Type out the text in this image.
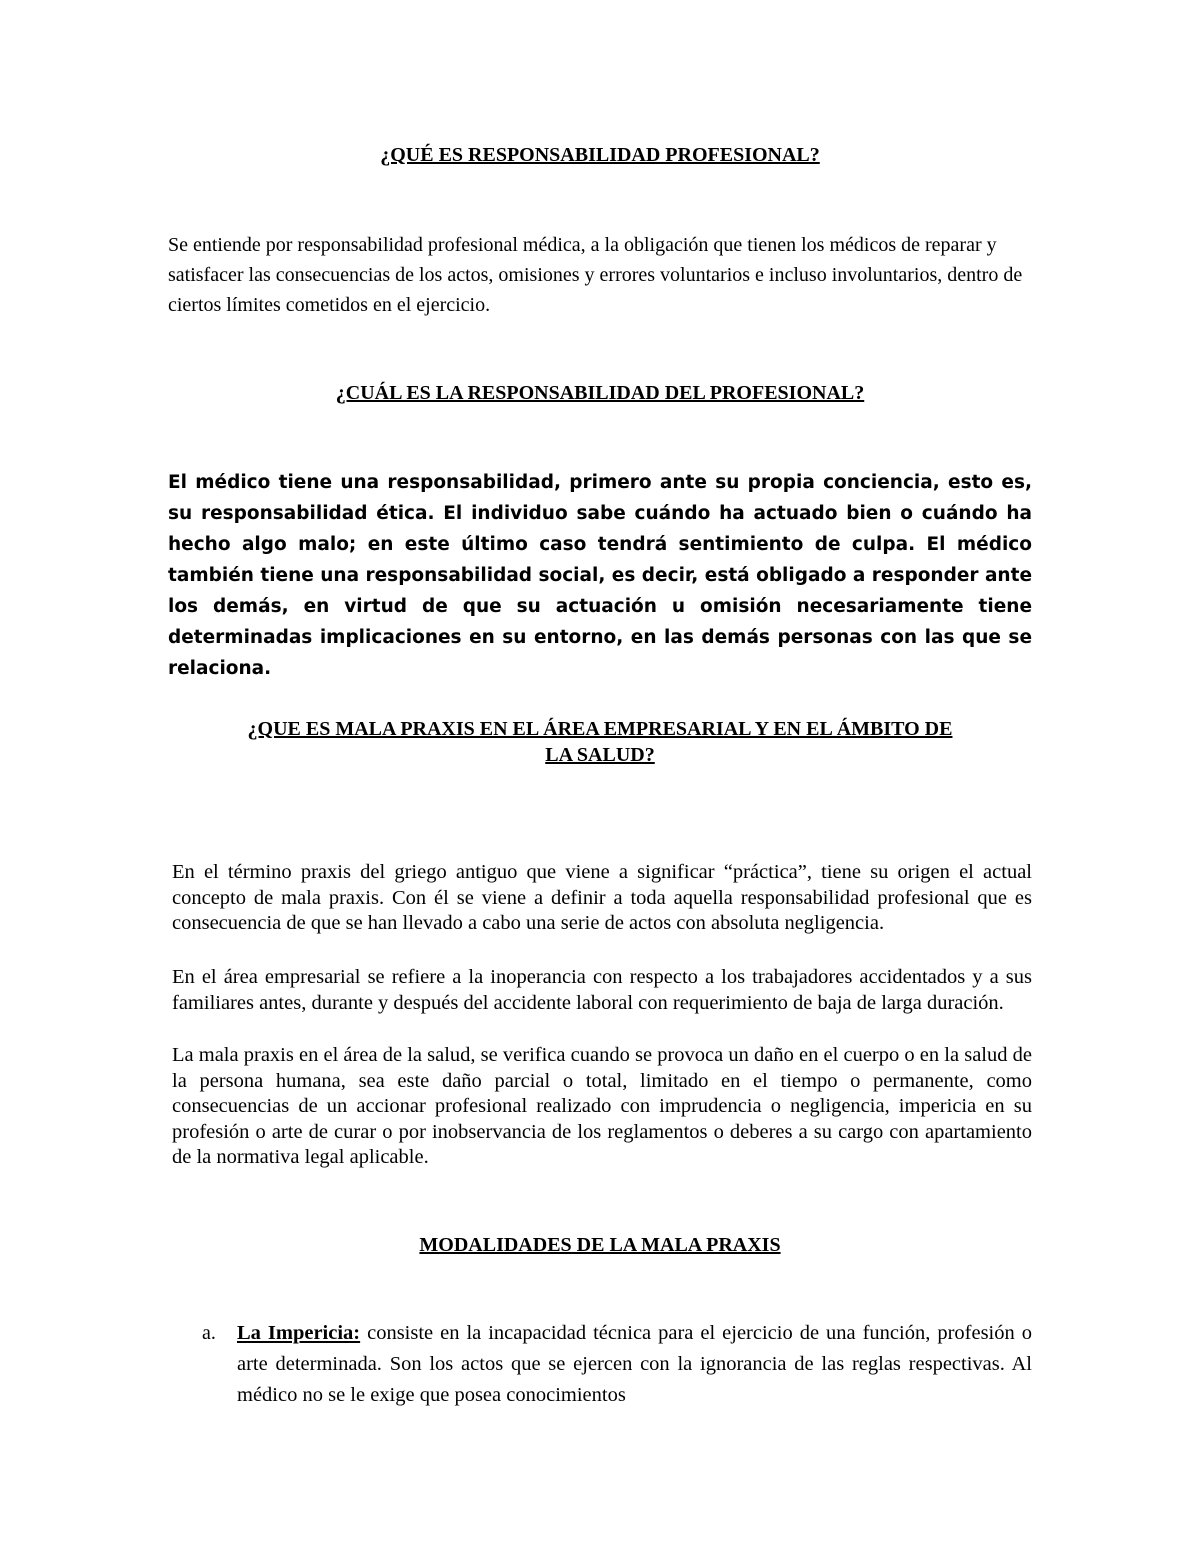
¿QUÉ ES RESPONSABILIDAD PROFESIONAL?
Se entiende por responsabilidad profesional médica, a la obligación que tienen los médicos de reparar y satisfacer las consecuencias de los actos, omisiones y errores voluntarios e incluso involuntarios, dentro de ciertos límites cometidos en el ejercicio.
¿CUÁL ES LA RESPONSABILIDAD DEL PROFESIONAL?
El médico tiene una responsabilidad, primero ante su propia conciencia, esto es, su responsabilidad ética. El individuo sabe cuándo ha actuado bien o cuándo ha hecho algo malo; en este último caso tendrá sentimiento de culpa. El médico también tiene una responsabilidad social, es decir, está obligado a responder ante los demás, en virtud de que su actuación u omisión necesariamente tiene determinadas implicaciones en su entorno, en las demás personas con las que se relaciona.
¿QUE ES MALA PRAXIS EN EL ÁREA EMPRESARIAL Y EN EL ÁMBITO DE
LA SALUD?
En el término praxis del griego antiguo que viene a significar “práctica”, tiene su origen el actual concepto de mala praxis. Con él se viene a definir a toda aquella responsabilidad profesional que es consecuencia de que se han llevado a cabo una serie de actos con absoluta negligencia.
En el área empresarial se refiere a la inoperancia con respecto a los trabajadores accidentados y a sus familiares antes, durante y después del accidente laboral con requerimiento de baja de larga duración.
La mala praxis en el área de la salud, se verifica cuando se provoca un daño en el cuerpo o en la salud de la persona humana, sea este daño parcial o total, limitado en el tiempo o permanente, como consecuencias de un accionar profesional realizado con imprudencia o negligencia, impericia en su profesión o arte de curar o por inobservancia de los reglamentos o deberes a su cargo con apartamiento de la normativa legal aplicable.
MODALIDADES DE LA MALA PRAXIS
a. La Impericia: consiste en la incapacidad técnica para el ejercicio de una función, profesión o arte determinada. Son los actos que se ejercen con la ignorancia de las reglas respectivas. Al médico no se le exige que posea conocimientos
